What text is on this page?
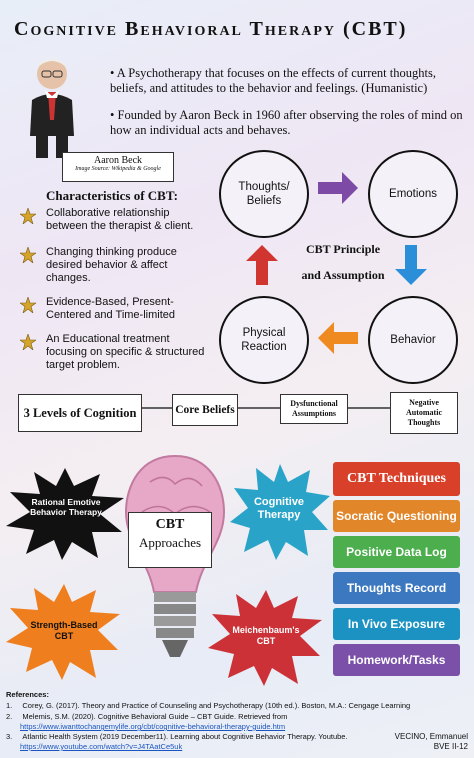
Cognitive Behavioral Therapy (CBT)
Aaron Beck
Image Source: Wikipedia & Google
• A Psychotherapy that focuses on the effects of current thoughts, beliefs, and attitudes to the behavior and feelings. (Humanistic)
• Founded by Aaron Beck in 1960 after observing the roles of mind on how an individual acts and behaves.
Characteristics of CBT:
Collaborative relationship between the therapist & client.
Changing thinking produce desired behavior & affect changes.
Evidence-Based, Present-Centered and Time-limited
An Educational treatment focusing on specific & structured target problem.
Thoughts/ Beliefs
Emotions
Behavior
Physical Reaction
CBT Principle
and Assumption
3 Levels of Cognition	Core Beliefs	Dysfunctional Assumptions
Negative Automatic Thoughts
CBT
Approaches
Rational Emotive Behavior Therapy
Cognitive Therapy
Strength-Based CBT
Meichenbaum's CBT
CBT Techniques
Socratic Questioning
Positive Data Log
Thoughts Record
In Vivo Exposure
Homework/Tasks
References:
1. Corey, G. (2017). Theory and Practice of Counseling and Psychotherapy (10th ed.). Boston, M.A.: Cengage Learning
2. Melemis, S.M. (2020). Cognitive Behavioral Guide – CBT Guide. Retrieved from
https://www.iwanttochangemylife.org/cbt/cognitive-behavioral-therapy-guide.htm
3. Atlantic Health System (2019 December11). Learning about Cognitive Behavior Therapy. Youtube.
https://www.youtube.com/watch?v=J4TAatCe5uk
VECINO, Emmanuel
BVE II-12
